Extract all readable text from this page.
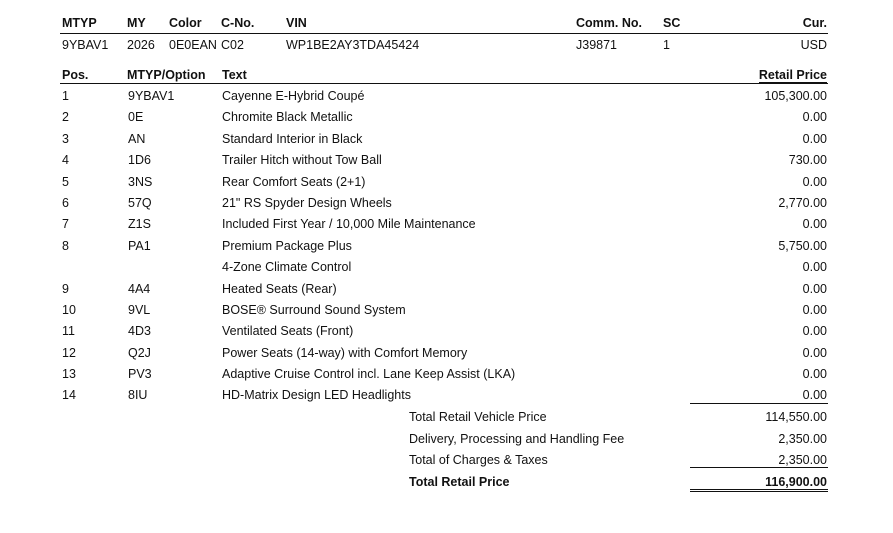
MTYP MY Color C-No.	VIN	Comm. No. SC	Cur.
9YBAV1 2026 0E0EAN C02	WP1BE2AY3TDA45424	J39871	1	USD
Pos.	MTYP/Option Text	Retail Price
1	9YBAV1	Cayenne E-Hybrid Coupé	105,300.00
2	0E	Chromite Black Metallic	0.00
3	AN	Standard Interior in Black	0.00
4	1D6	Trailer Hitch without Tow Ball	730.00
5	3NS	Rear Comfort Seats (2+1)	0.00
6	57Q	21" RS Spyder Design Wheels	2,770.00
7	Z1S	Included First Year / 10,000 Mile Maintenance	0.00
8	PA1	Premium Package Plus	5,750.00
4-Zone Climate Control	0.00
9	4A4	Heated Seats (Rear)	0.00
10	9VL	BOSE® Surround Sound System	0.00
11	4D3	Ventilated Seats (Front)	0.00
12	Q2J	Power Seats (14-way) with Comfort Memory	0.00
13	PV3	Adaptive Cruise Control incl. Lane Keep Assist (LKA)	0.00
14	8IU	HD-Matrix Design LED Headlights	0.00
Total Retail Vehicle Price	114,550.00
Delivery, Processing and Handling Fee	2,350.00
Total of Charges & Taxes	2,350.00
Total Retail Price	116,900.00
